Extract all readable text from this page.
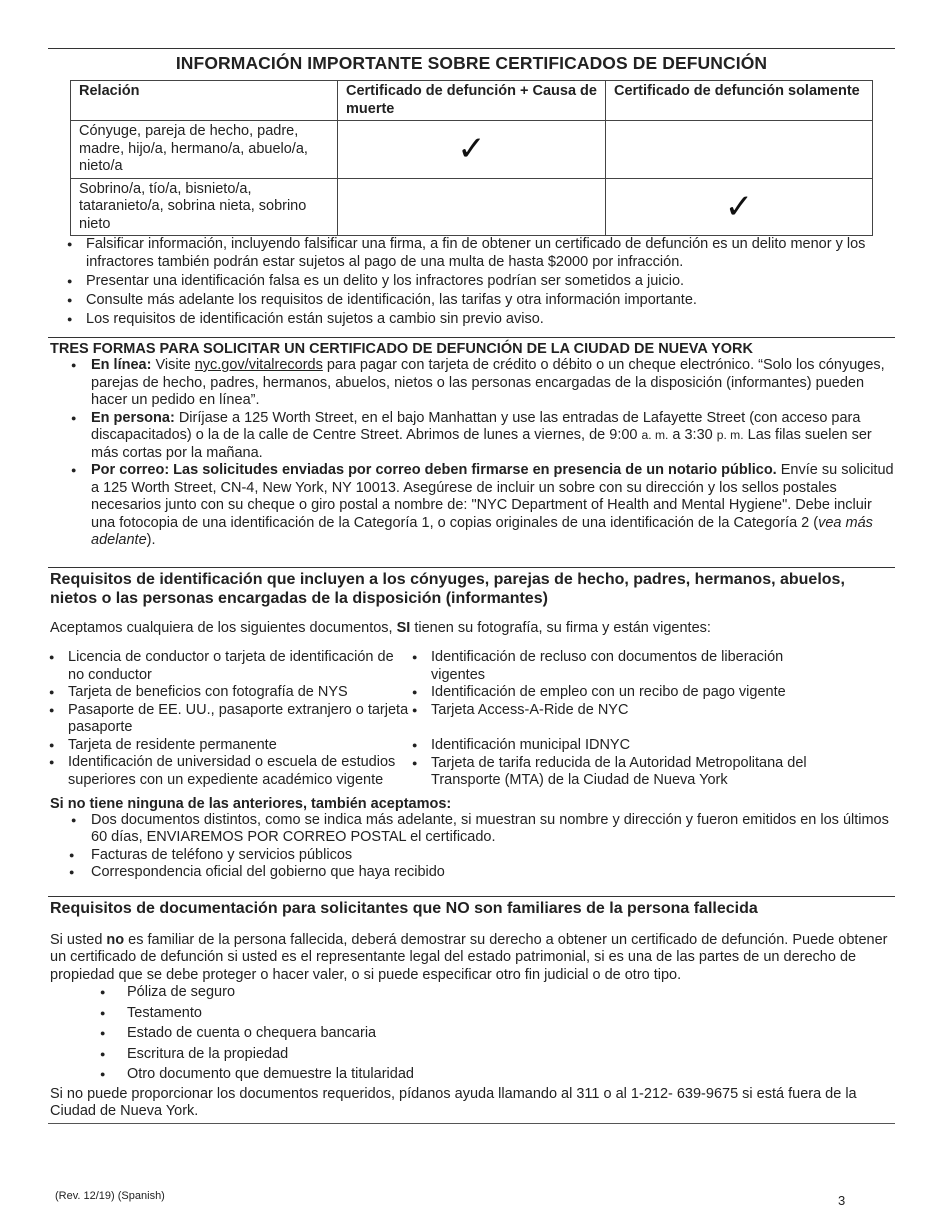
INFORMACIÓN IMPORTANTE SOBRE CERTIFICADOS DE DEFUNCIÓN
Relación	Certificado de defunción + Causa de muerte	Certificado de defunción solamente
Cónyuge, pareja de hecho, padre, madre, hijo/a, hermano/a, abuelo/a, nieto/a	✓	
Sobrino/a, tío/a, bisnieto/a, tataranieto/a, sobrina nieta, sobrino nieto		✓
● Falsificar información, incluyendo falsificar una firma, a fin de obtener un certificado de defunción es un delito menor y los infractores también podrán estar sujetos al pago de una multa de hasta $2000 por infracción.
● Presentar una identificación falsa es un delito y los infractores podrían ser sometidos a juicio.
● Consulte más adelante los requisitos de identificación, las tarifas y otra información importante.
● Los requisitos de identificación están sujetos a cambio sin previo aviso.
TRES FORMAS PARA SOLICITAR UN CERTIFICADO DE DEFUNCIÓN DE LA CIUDAD DE NUEVA YORK
● En línea: Visite nyc.gov/vitalrecords para pagar con tarjeta de crédito o débito o un cheque electrónico. “Solo los cónyuges, parejas de hecho, padres, hermanos, abuelos, nietos o las personas encargadas de la disposición (informantes) pueden hacer un pedido en línea”.
● En persona: Diríjase a 125 Worth Street, en el bajo Manhattan y use las entradas de Lafayette Street (con acceso para discapacitados) o la de la calle de Centre Street. Abrimos de lunes a viernes, de 9:00 a. m. a 3:30 p. m. Las filas suelen ser más cortas por la mañana.
● Por correo: Las solicitudes enviadas por correo deben firmarse en presencia de un notario público. Envíe su solicitud a 125 Worth Street, CN-4, New York, NY 10013. Asegúrese de incluir un sobre con su dirección y los sellos postales necesarios junto con su cheque o giro postal a nombre de: "NYC Department of Health and Mental Hygiene". Debe incluir una fotocopia de una identificación de la Categoría 1, o copias originales de una identificación de la Categoría 2 (vea más adelante).
Requisitos de identificación que incluyen a los cónyuges, parejas de hecho, padres, hermanos, abuelos, nietos o las personas encargadas de la disposición (informantes)
Aceptamos cualquiera de los siguientes documentos, SI tienen su fotografía, su firma y están vigentes:
● Licencia de conductor o tarjeta de identificación de no conductor
● Tarjeta de beneficios con fotografía de NYS
● Pasaporte de EE. UU., pasaporte extranjero o tarjeta pasaporte
● Tarjeta de residente permanente
● Identificación de universidad o escuela de estudios superiores con un expediente académico vigente
● Identificación de recluso con documentos de liberación vigentes
● Identificación de empleo con un recibo de pago vigente
● Tarjeta Access-A-Ride de NYC
● Identificación municipal IDNYC
● Tarjeta de tarifa reducida de la Autoridad Metropolitana del Transporte (MTA) de la Ciudad de Nueva York
Si no tiene ninguna de las anteriores, también aceptamos:
● Dos documentos distintos, como se indica más adelante, si muestran su nombre y dirección y fueron emitidos en los últimos 60 días, ENVIAREMOS POR CORREO POSTAL el certificado.
● Facturas de teléfono y servicios públicos
● Correspondencia oficial del gobierno que haya recibido
Requisitos de documentación para solicitantes que NO son familiares de la persona fallecida
Si usted no es familiar de la persona fallecida, deberá demostrar su derecho a obtener un certificado de defunción. Puede obtener un certificado de defunción si usted es el representante legal del estado patrimonial, si es una de las partes de un derecho de propiedad que se debe proteger o hacer valer, o si puede especificar otro fin judicial o de otro tipo.
● Póliza de seguro
● Testamento
● Estado de cuenta o chequera bancaria
● Escritura de la propiedad
● Otro documento que demuestre la titularidad
Si no puede proporcionar los documentos requeridos, pídanos ayuda llamando al 311 o al 1-212- 639-9675 si está fuera de la Ciudad de Nueva York.
(Rev. 12/19) (Spanish)	3
